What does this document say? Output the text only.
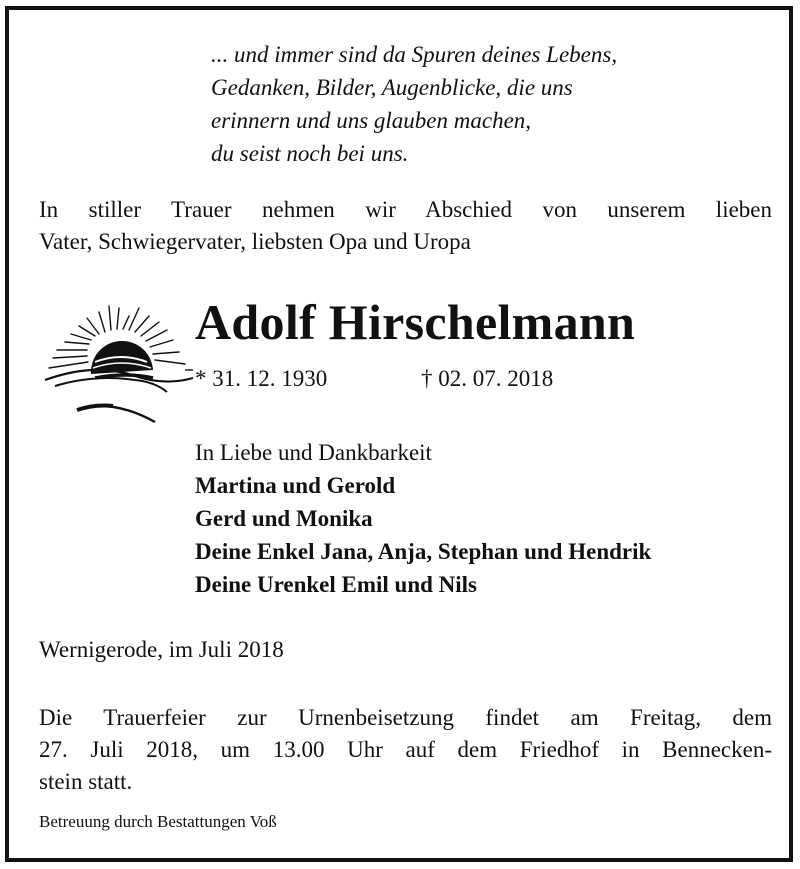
... und immer sind da Spuren deines Lebens,
Gedanken, Bilder, Augenblicke, die uns
erinnern und uns glauben machen,
du seist noch bei uns.
In stiller Trauer nehmen wir Abschied von unserem lieben
Vater, Schwiegervater, liebsten Opa und Uropa
Adolf Hirschelmann
* 31. 12. 1930	† 02. 07. 2018
In Liebe und Dankbarkeit
Martina und Gerold
Gerd und Monika
Deine Enkel Jana, Anja, Stephan und Hendrik
Deine Urenkel Emil und Nils
Wernigerode, im Juli 2018
Die Trauerfeier zur Urnenbeisetzung findet am Freitag, dem
27. Juli 2018, um 13.00 Uhr auf dem Friedhof in Bennecken-
stein statt.
Betreuung durch Bestattungen Voß
